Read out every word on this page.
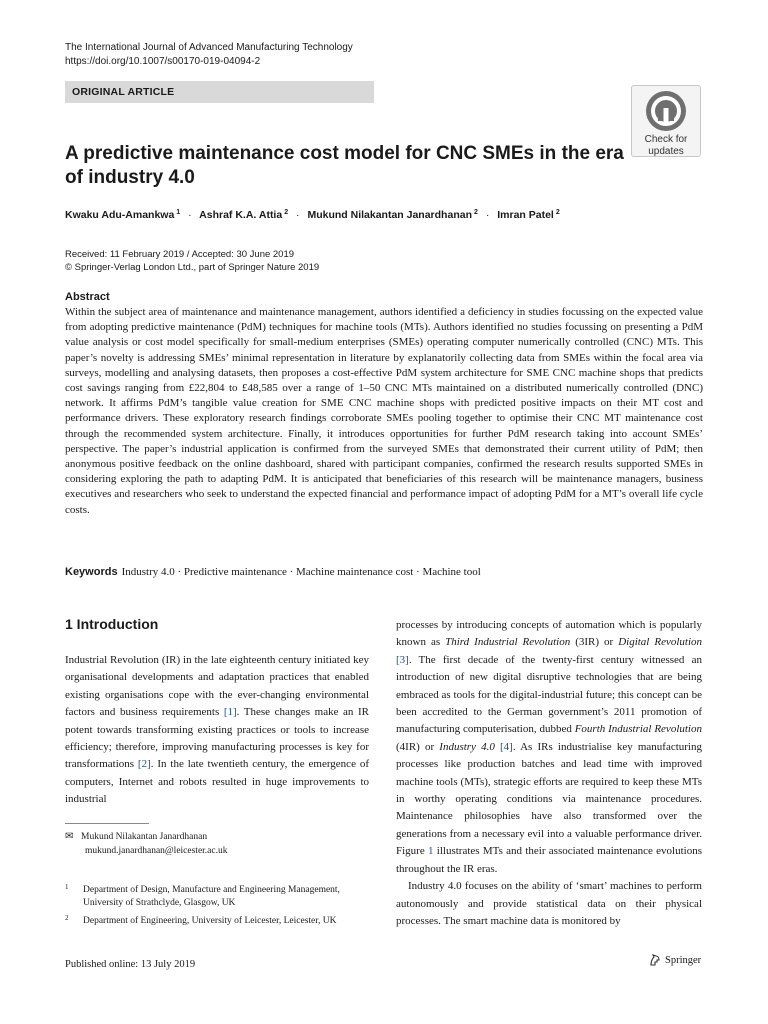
The International Journal of Advanced Manufacturing Technology
https://doi.org/10.1007/s00170-019-04094-2
ORIGINAL ARTICLE
Check for
updates
A predictive maintenance cost model for CNC SMEs in the era
of industry 4.0
Kwaku Adu-Amankwa $^1$ · Ashraf K.A. Attia $^2$ · Mukund Nilakantan Janardhanan $^2$ · Imran Patel $^2$
Received: 11 February 2019 / Accepted: 30 June 2019
© Springer-Verlag London Ltd., part of Springer Nature 2019
Abstract

Within the subject area of maintenance and maintenance management, authors identified a deficiency in studies focussing on the expected value from adopting predictive maintenance (PdM) techniques for machine tools (MTs). Authors identified no studies focussing on presenting a PdM value analysis or cost model specifically for small-medium enterprises (SMEs) operating computer numerically controlled (CNC) MTs. This paper’s novelty is addressing SMEs’ minimal representation in literature by explanatorily collecting data from SMEs within the focal area via surveys, modelling and analysing datasets, then proposes a cost-effective PdM system architecture for SME CNC machine shops that predicts cost savings ranging from £22,804 to £48,585 over a range of 1–50 CNC MTs maintained on a distributed numerically controlled (DNC) network. It affirms PdM’s tangible value creation for SME CNC machine shops with predicted positive impacts on their MT cost and performance drivers. These exploratory research findings corroborate SMEs pooling together to optimise their CNC MT maintenance cost through the recommended system architecture. Finally, it introduces opportunities for further PdM research taking into account SMEs’ perspective. The paper’s industrial application is confirmed from the surveyed SMEs that demonstrated their current utility of PdM; then anonymous positive feedback on the online dashboard, shared with participant companies, confirmed the research results supported SMEs in considering exploring the path to adapting PdM. It is anticipated that beneficiaries of this research will be maintenance managers, business executives and researchers who seek to understand the expected financial and performance impact of adopting PdM for a MT’s overall life cycle costs.

Keywords Industry 4.0 · Predictive maintenance · Machine maintenance cost · Machine tool
1 Introduction

Industrial Revolution (IR) in the late eighteenth century initiated key organisational developments and adaptation practices that enabled existing organisations cope with the ever-changing environmental factors and business requirements [1]. These changes make an IR potent towards transforming existing practices or tools to increase efficiency; therefore, improving manufacturing processes is key for transformations [2]. In the late twentieth century, the emergence of computers, Internet and robots resulted in huge improvements to industrial

processes by introducing concepts of automation which is popularly known as Third Industrial Revolution (3IR) or Digital Revolution [3]. The first decade of the twenty-first century witnessed an introduction of new digital disruptive technologies that are being embraced as tools for the digital-industrial future; this concept can be been accredited to the German government’s 2011 promotion of manufacturing computerisation, dubbed Fourth Industrial Revolution (4IR) or Industry 4.0 [4]. As IRs industrialise key manufacturing processes like production batches and lead time with improved machine tools (MTs), strategic efforts are required to keep these MTs in worthy operating conditions via maintenance procedures. Maintenance philosophies have also transformed over the generations from a necessary evil into a valuable performance driver. Figure 1 illustrates MTs and their associated maintenance evolutions throughout the IR eras.

Industry 4.0 focuses on the ability of ‘smart’ machines to perform autonomously and provide statistical data on their physical processes. The smart machine data is monitored by

✉ Mukund Nilakantan Janardhanan
mukund.janardhanan@leicester.ac.uk
1 Department of Design, Manufacture and Engineering Management,
University of Strathclyde, Glasgow, UK
2 Department of Engineering, University of Leicester, Leicester, UK
Published online: 13 July 2019	Springer
